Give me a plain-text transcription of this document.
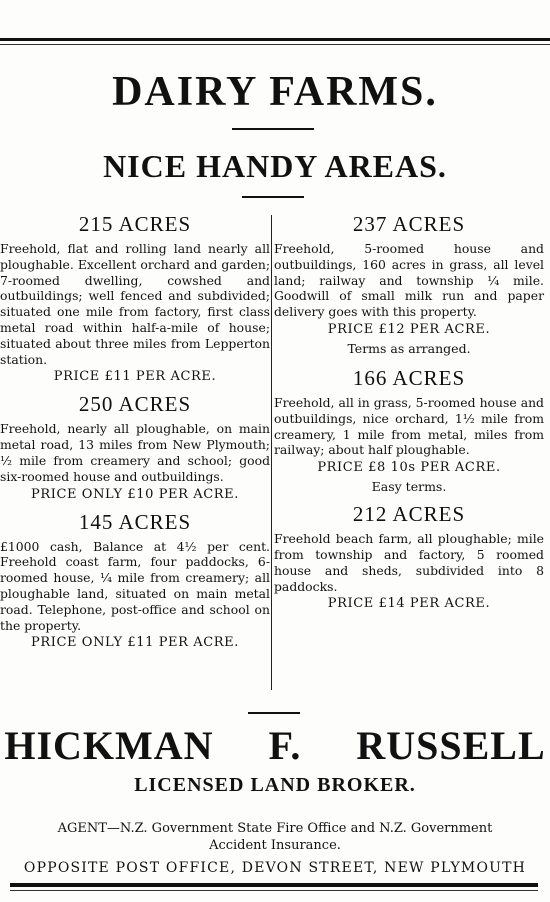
DAIRY FARMS.
NICE HANDY AREAS.
215 ACRES

Freehold, flat and rolling land nearly all ploughable. Excellent orchard and garden; 7-roomed dwelling, cowshed and outbuildings; well fenced and subdivided; situated one mile from factory, first class metal road within half-a-mile of house; situated about three miles from Lepperton station.

PRICE £11 PER ACRE.
250 ACRES

Freehold, nearly all ploughable, on main metal road, 13 miles from New Plymouth; ½ mile from creamery and school; good six-roomed house and outbuildings.

PRICE ONLY £10 PER ACRE.
145 ACRES

£1000 cash, Balance at 4½ per cent. Freehold coast farm, four paddocks, 6-roomed house, ¼ mile from creamery; all ploughable land, situated on main metal road. Telephone, post-office and school on the property.

PRICE ONLY £11 PER ACRE.
237 ACRES

Freehold, 5-roomed house and outbuildings, 160 acres in grass, all level land; railway and township ¼ mile. Goodwill of small milk run and paper delivery goes with this property.

PRICE £12 PER ACRE.
Terms as arranged.
166 ACRES

Freehold, all in grass, 5-roomed house and outbuildings, nice orchard, 1½ mile from creamery, 1 mile from metal, miles from railway; about half ploughable.

PRICE £8 10s PER ACRE.
Easy terms.
212 ACRES

Freehold beach farm, all ploughable; mile from township and factory, 5 roomed house and sheds, subdivided into 8 paddocks.

PRICE £14 PER ACRE.
HICKMAN F. RUSSELL
LICENSED LAND BROKER.
AGENT—N.Z. Government State Fire Office and N.Z. Government
Accident Insurance.
OPPOSITE POST OFFICE, DEVON STREET, NEW PLYMOUTH
